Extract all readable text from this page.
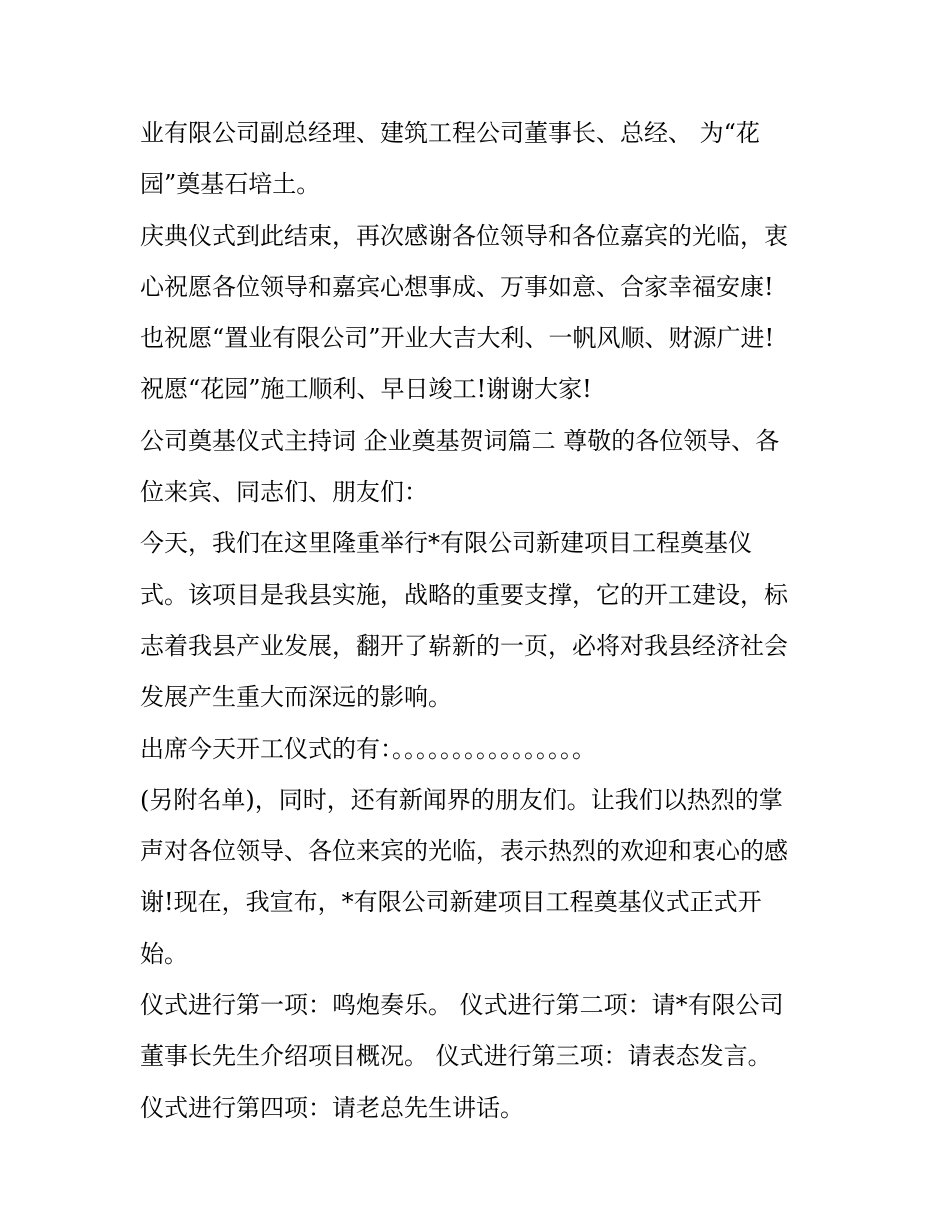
业有限公司副总经理、建筑工程公司董事长、总经、 为“花
园”奠基石培土。
庆典仪式到此结束，再次感谢各位领导和各位嘉宾的光临，衷
心祝愿各位领导和嘉宾心想事成、万事如意、合家幸福安康!
也祝愿“置业有限公司”开业大吉大利、一帆风顺、财源广进!
祝愿“花园”施工顺利、早日竣工!谢谢大家!
公司奠基仪式主持词 企业奠基贺词篇二 尊敬的各位领导、各
位来宾、同志们、朋友们：
今天，我们在这里隆重举行*有限公司新建项目工程奠基仪
式。该项目是我县实施，战略的重要支撑，它的开工建设，标
志着我县产业发展，翻开了崭新的一页，必将对我县经济社会
发展产生重大而深远的影响。
出席今天开工仪式的有：。。。。。。。。。。。。。。。。
(另附名单)，同时，还有新闻界的朋友们。让我们以热烈的掌
声对各位领导、各位来宾的光临，表示热烈的欢迎和衷心的感
谢!现在，我宣布，*有限公司新建项目工程奠基仪式正式开
始。
仪式进行第一项：鸣炮奏乐。 仪式进行第二项：请*有限公司
董事长先生介绍项目概况。 仪式进行第三项：请表态发言。
仪式进行第四项：请老总先生讲话。
